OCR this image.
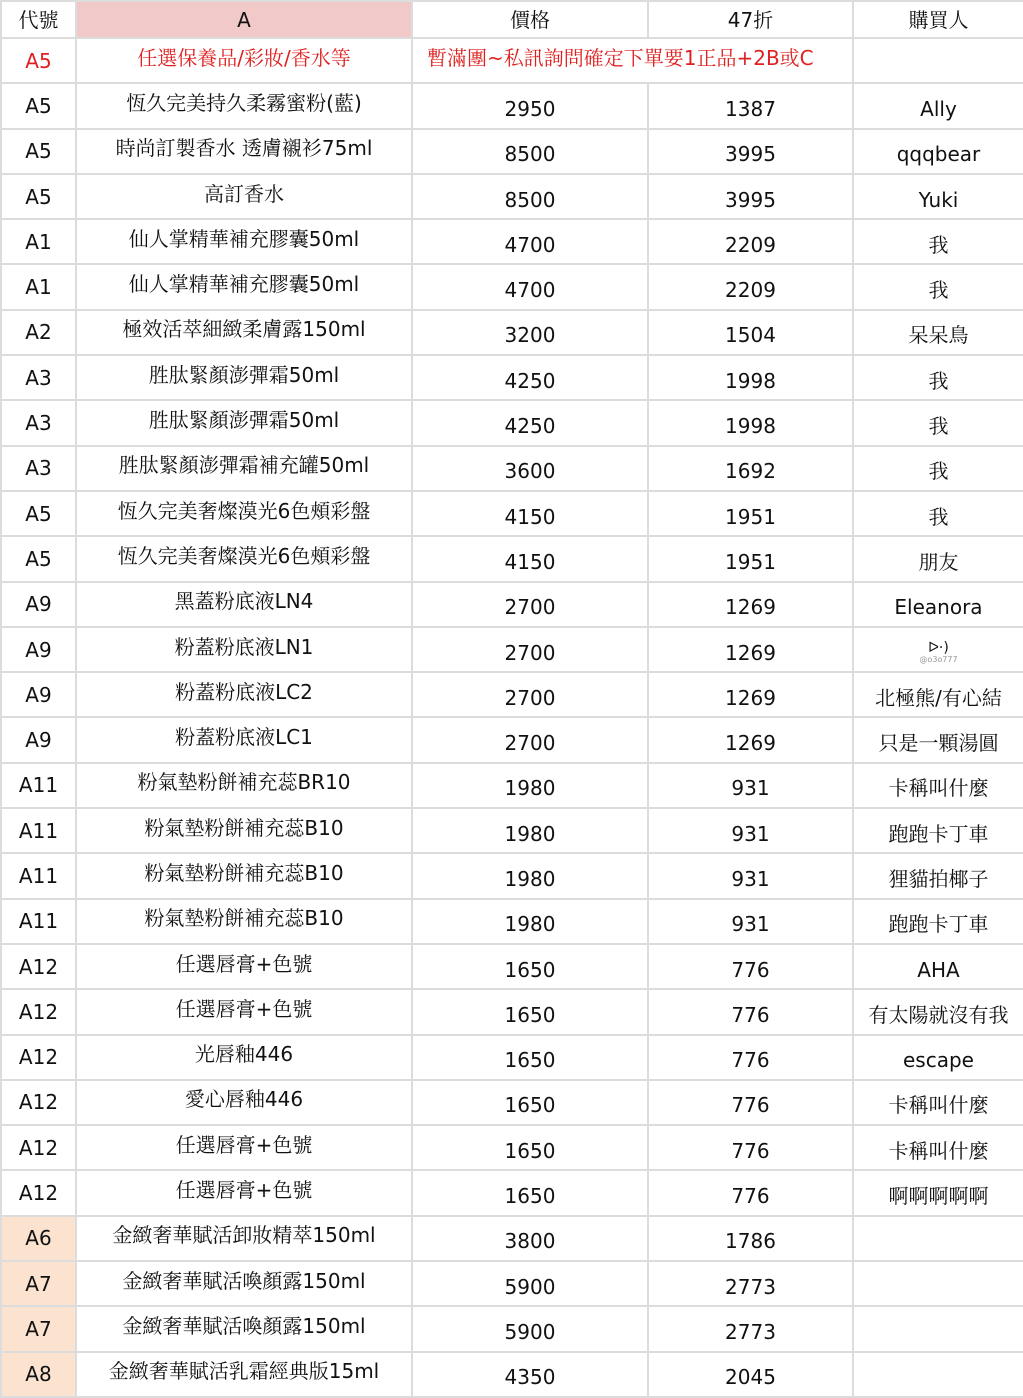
代號	A	價格	47折	購買人
A5	任選保養品/彩妝/香水等	暫滿團~私訊詢問確定下單要1正品+2B或C		
A5	恆久完美持久柔霧蜜粉(藍)	2950	1387	Ally
A5	時尚訂製香水 透膚襯衫75ml	8500	3995	qqqbear
A5	高訂香水	8500	3995	Yuki
A1	仙人掌精華補充膠囊50ml	4700	2209	我
A1	仙人掌精華補充膠囊50ml	4700	2209	我
A2	極效活萃細緻柔膚露150ml	3200	1504	呆呆鳥
A3	胜肽緊顏澎彈霜50ml	4250	1998	我
A3	胜肽緊顏澎彈霜50ml	4250	1998	我
A3	胜肽緊顏澎彈霜補充罐50ml	3600	1692	我
A5	恆久完美奢燦漠光6色頰彩盤	4150	1951	我
A5	恆久完美奢燦漠光6色頰彩盤	4150	1951	朋友
A9	黑蓋粉底液LN4	2700	1269	Eleanora
A9	粉蓋粉底液LN1	2700	1269	ᐅ·)
@o3o777

A9	粉蓋粉底液LC2	2700	1269	北極熊/有心結
A9	粉蓋粉底液LC1	2700	1269	只是一顆湯圓
A11	粉氣墊粉餅補充蕊BR10	1980	931	卡稱叫什麼
A11	粉氣墊粉餅補充蕊B10	1980	931	跑跑卡丁車
A11	粉氣墊粉餅補充蕊B10	1980	931	狸貓拍椰子
A11	粉氣墊粉餅補充蕊B10	1980	931	跑跑卡丁車
A12	任選唇膏+色號	1650	776	AHA
A12	任選唇膏+色號	1650	776	有太陽就沒有我
A12	光唇釉446	1650	776	escape
A12	愛心唇釉446	1650	776	卡稱叫什麼
A12	任選唇膏+色號	1650	776	卡稱叫什麼
A12	任選唇膏+色號	1650	776	啊啊啊啊啊
A6	金緻奢華賦活卸妝精萃150ml	3800	1786	
A7	金緻奢華賦活喚顏露150ml	5900	2773	
A7	金緻奢華賦活喚顏露150ml	5900	2773	
A8	金緻奢華賦活乳霜經典版15ml	4350	2045	
